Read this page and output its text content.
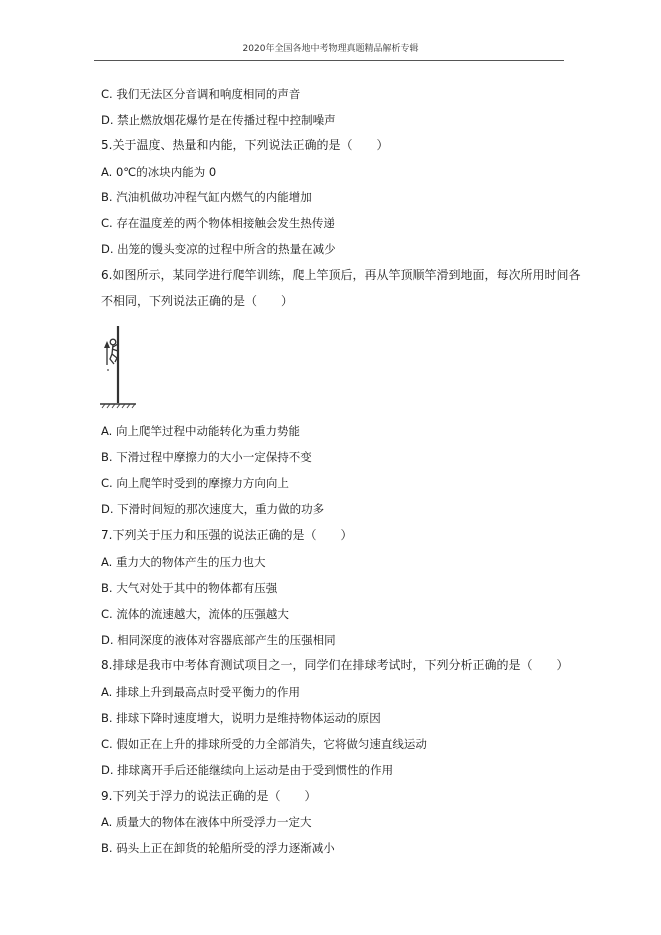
2020年全国各地中考物理真题精品解析专辑
C. 我们无法区分音调和响度相同的声音
D. 禁止燃放烟花爆竹是在传播过程中控制噪声
5.关于温度、热量和内能，下列说法正确的是（　　）
A. 0℃的冰块内能为 0
B. 汽油机做功冲程气缸内燃气的内能增加
C. 存在温度差的两个物体相接触会发生热传递
D. 出笼的馒头变凉的过程中所含的热量在减少
6.如图所示，某同学进行爬竿训练，爬上竿顶后，再从竿顶顺竿滑到地面，每次所用时间各
不相同，下列说法正确的是（　　）
A. 向上爬竿过程中动能转化为重力势能
B. 下滑过程中摩擦力的大小一定保持不变
C. 向上爬竿时受到的摩擦力方向向上
D. 下滑时间短的那次速度大，重力做的功多
7.下列关于压力和压强的说法正确的是（　　）
A. 重力大的物体产生的压力也大
B. 大气对处于其中的物体都有压强
C. 流体的流速越大，流体的压强越大
D. 相同深度的液体对容器底部产生的压强相同
8.排球是我市中考体育测试项目之一，同学们在排球考试时，下列分析正确的是（　　）
A. 排球上升到最高点时受平衡力的作用
B. 排球下降时速度增大，说明力是维持物体运动的原因
C. 假如正在上升的排球所受的力全部消失，它将做匀速直线运动
D. 排球离开手后还能继续向上运动是由于受到惯性的作用
9.下列关于浮力的说法正确的是（　　）
A. 质量大的物体在液体中所受浮力一定大
B. 码头上正在卸货的轮船所受的浮力逐渐减小
